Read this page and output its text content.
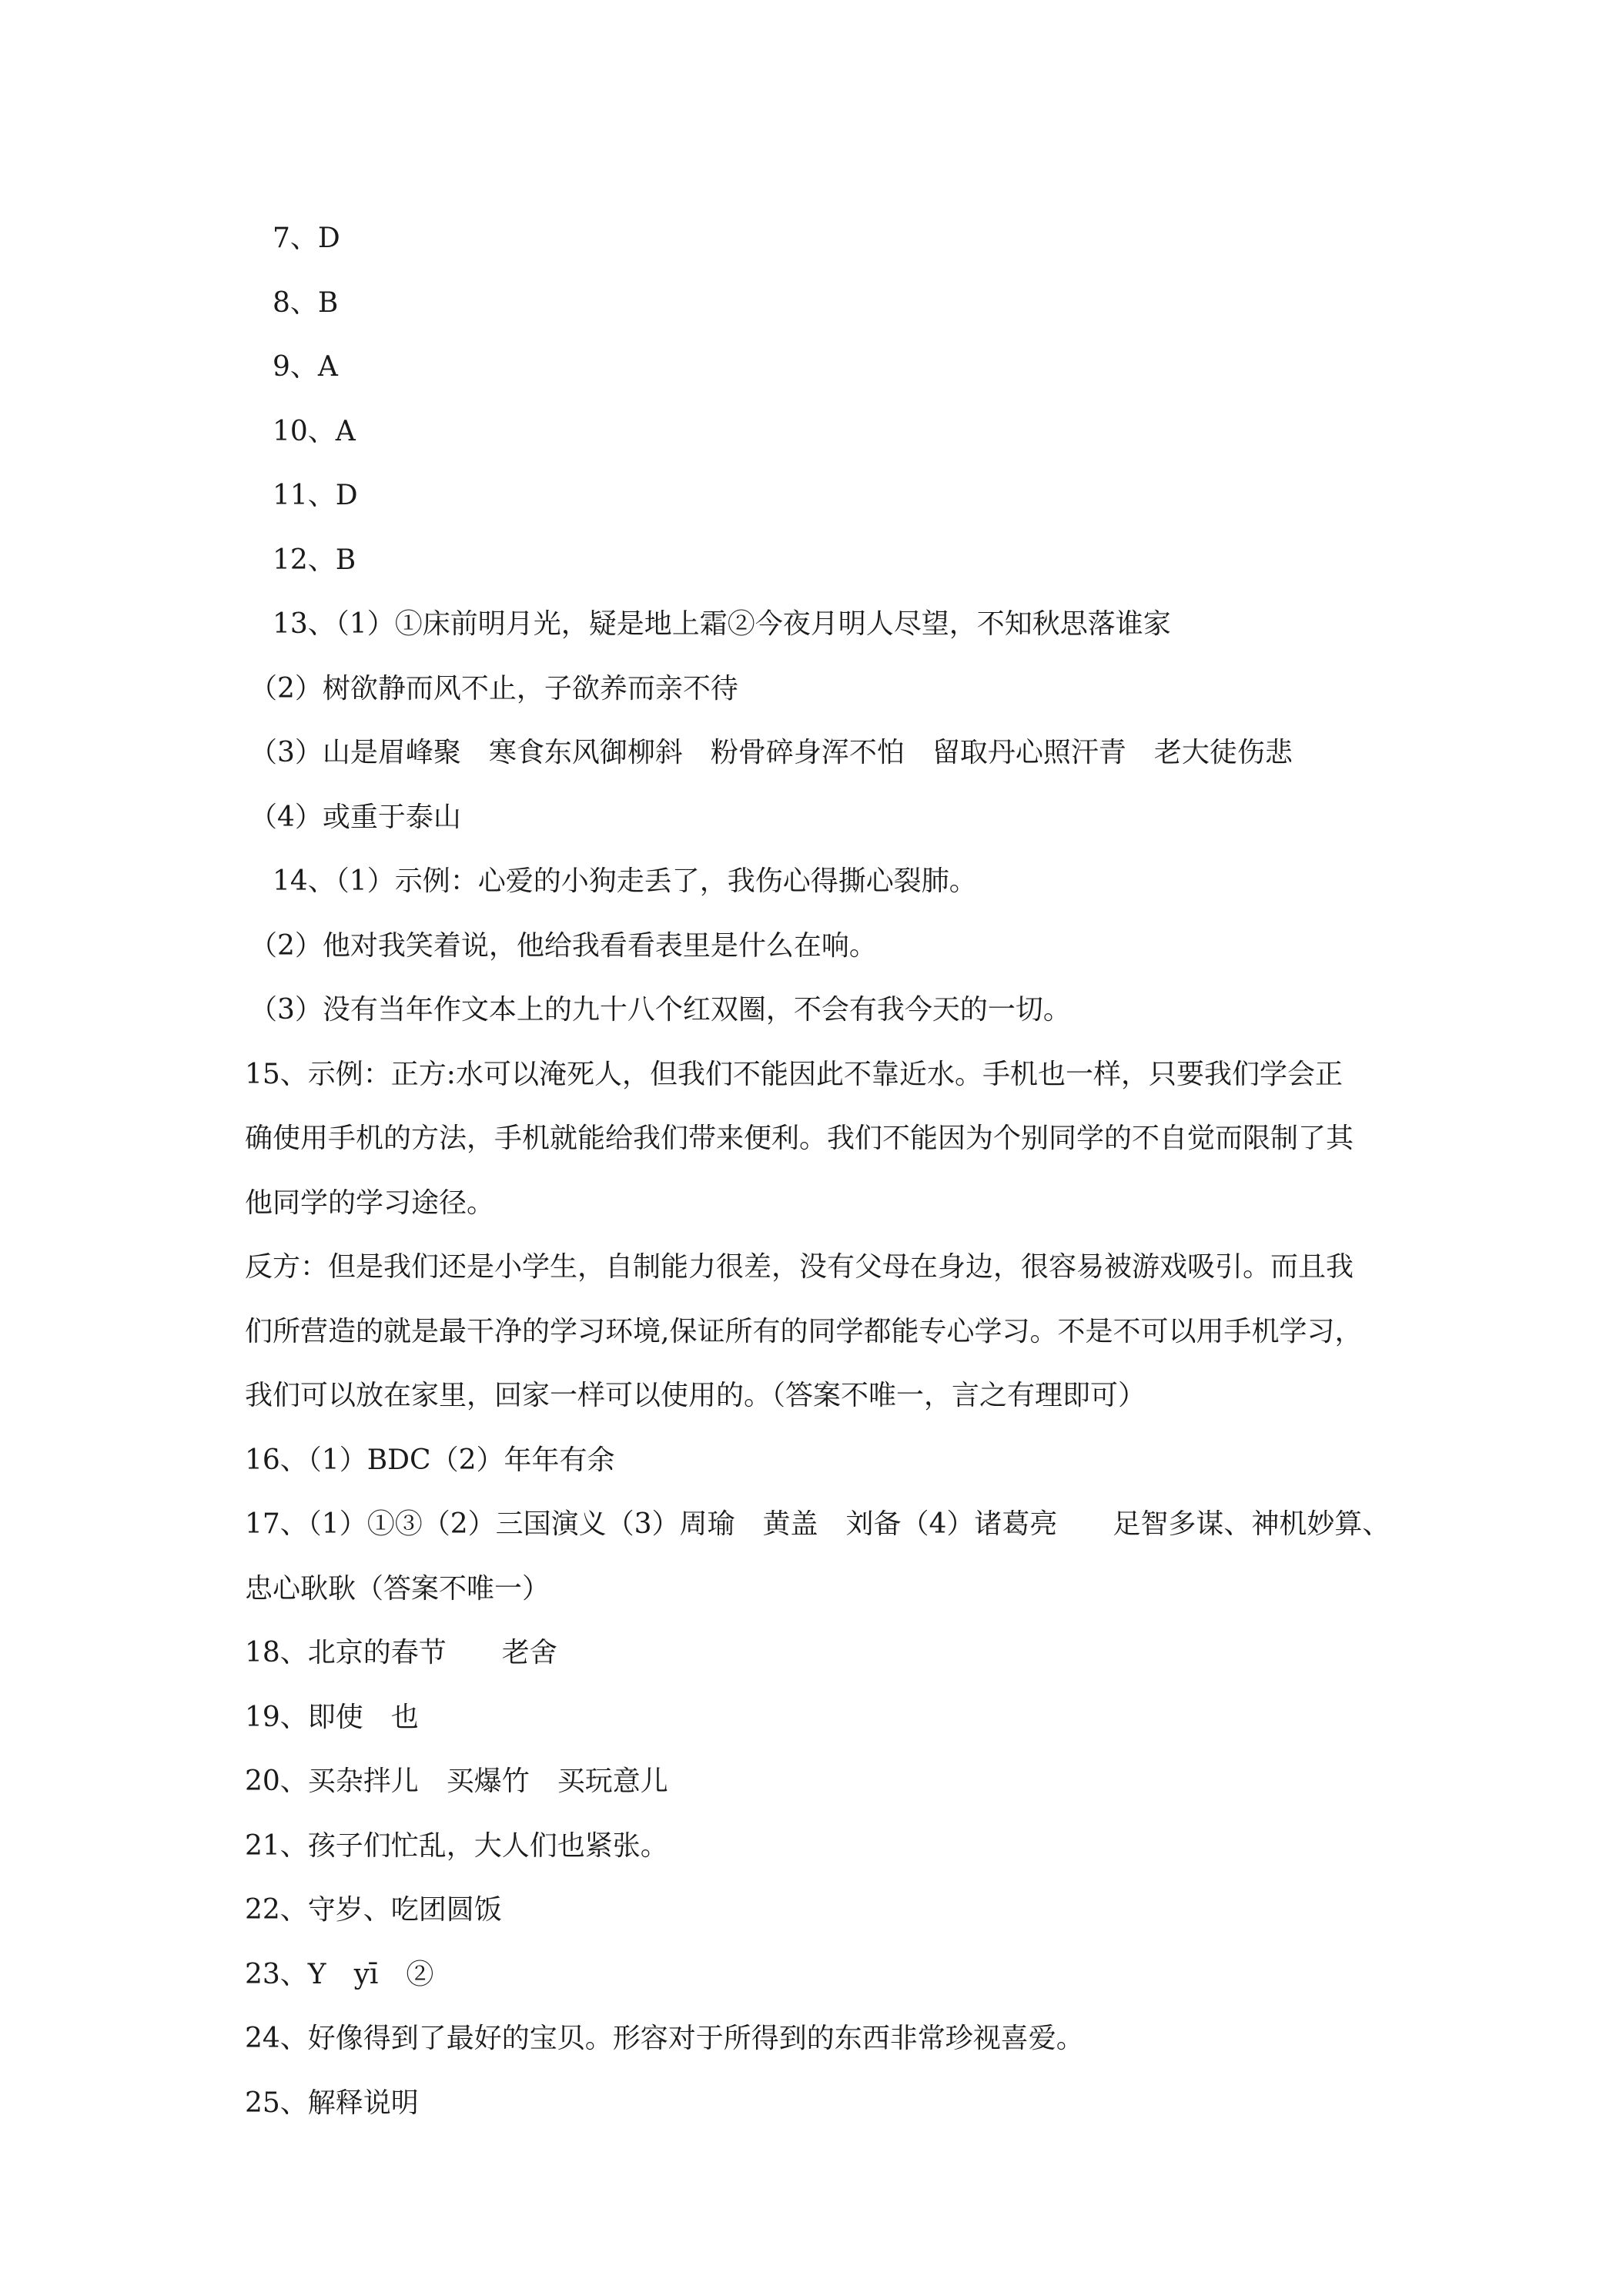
7、D
8、B
9、A
10、A
11、D
12、B
13、（1）①床前明月光，疑是地上霜②今夜月明人尽望，不知秋思落谁家
（2）树欲静而风不止，子欲养而亲不待
（3）山是眉峰聚　寒食东风御柳斜　粉骨碎身浑不怕　留取丹心照汗青　老大徒伤悲
（4）或重于泰山
14、（1）示例：心爱的小狗走丢了，我伤心得撕心裂肺。
（2）他对我笑着说，他给我看看表里是什么在响。
（3）没有当年作文本上的九十八个红双圈，不会有我今天的一切。
15、示例：正方:水可以淹死人，但我们不能因此不靠近水。手机也一样，只要我们学会正
确使用手机的方法，手机就能给我们带来便利。我们不能因为个别同学的不自觉而限制了其
他同学的学习途径。
反方：但是我们还是小学生，自制能力很差，没有父母在身边，很容易被游戏吸引。而且我
们所营造的就是最干净的学习环境,保证所有的同学都能专心学习。不是不可以用手机学习，
我们可以放在家里，回家一样可以使用的。（答案不唯一，言之有理即可）
16、（1）BDC（2）年年有余
17、（1）①③（2）三国演义（3）周瑜　黄盖　刘备（4）诸葛亮　　足智多谋、神机妙算、
忠心耿耿（答案不唯一）
18、北京的春节　　老舍
19、即使　也
20、买杂拌儿　买爆竹　买玩意儿
21、孩子们忙乱，大人们也紧张。
22、守岁、吃团圆饭
23、Y　yī　②
24、好像得到了最好的宝贝。形容对于所得到的东西非常珍视喜爱。
25、解释说明
